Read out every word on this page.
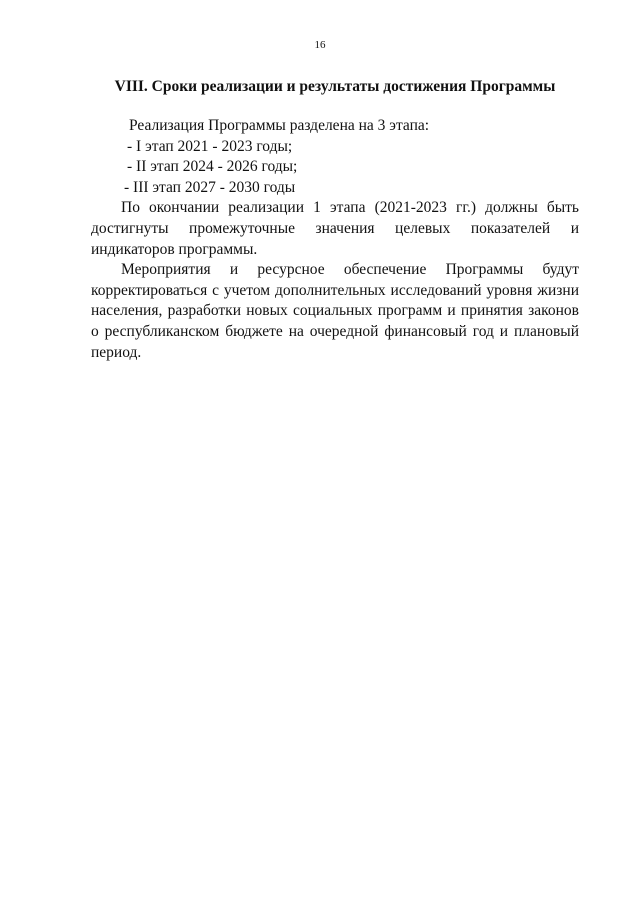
16
VIII. Сроки реализации и результаты достижения Программы
Реализация Программы разделена на 3 этапа:
- I этап 2021 - 2023 годы;
- II этап 2024 - 2026 годы;
- III этап 2027 - 2030 годы

По окончании реализации 1 этапа (2021-2023 гг.) должны быть достигнуты промежуточные значения целевых показателей и индикаторов программы.

Мероприятия и ресурсное обеспечение Программы будут корректироваться с учетом дополнительных исследований уровня жизни населения, разработки новых социальных программ и принятия законов о республиканском бюджете на очередной финансовый год и плановый период.
